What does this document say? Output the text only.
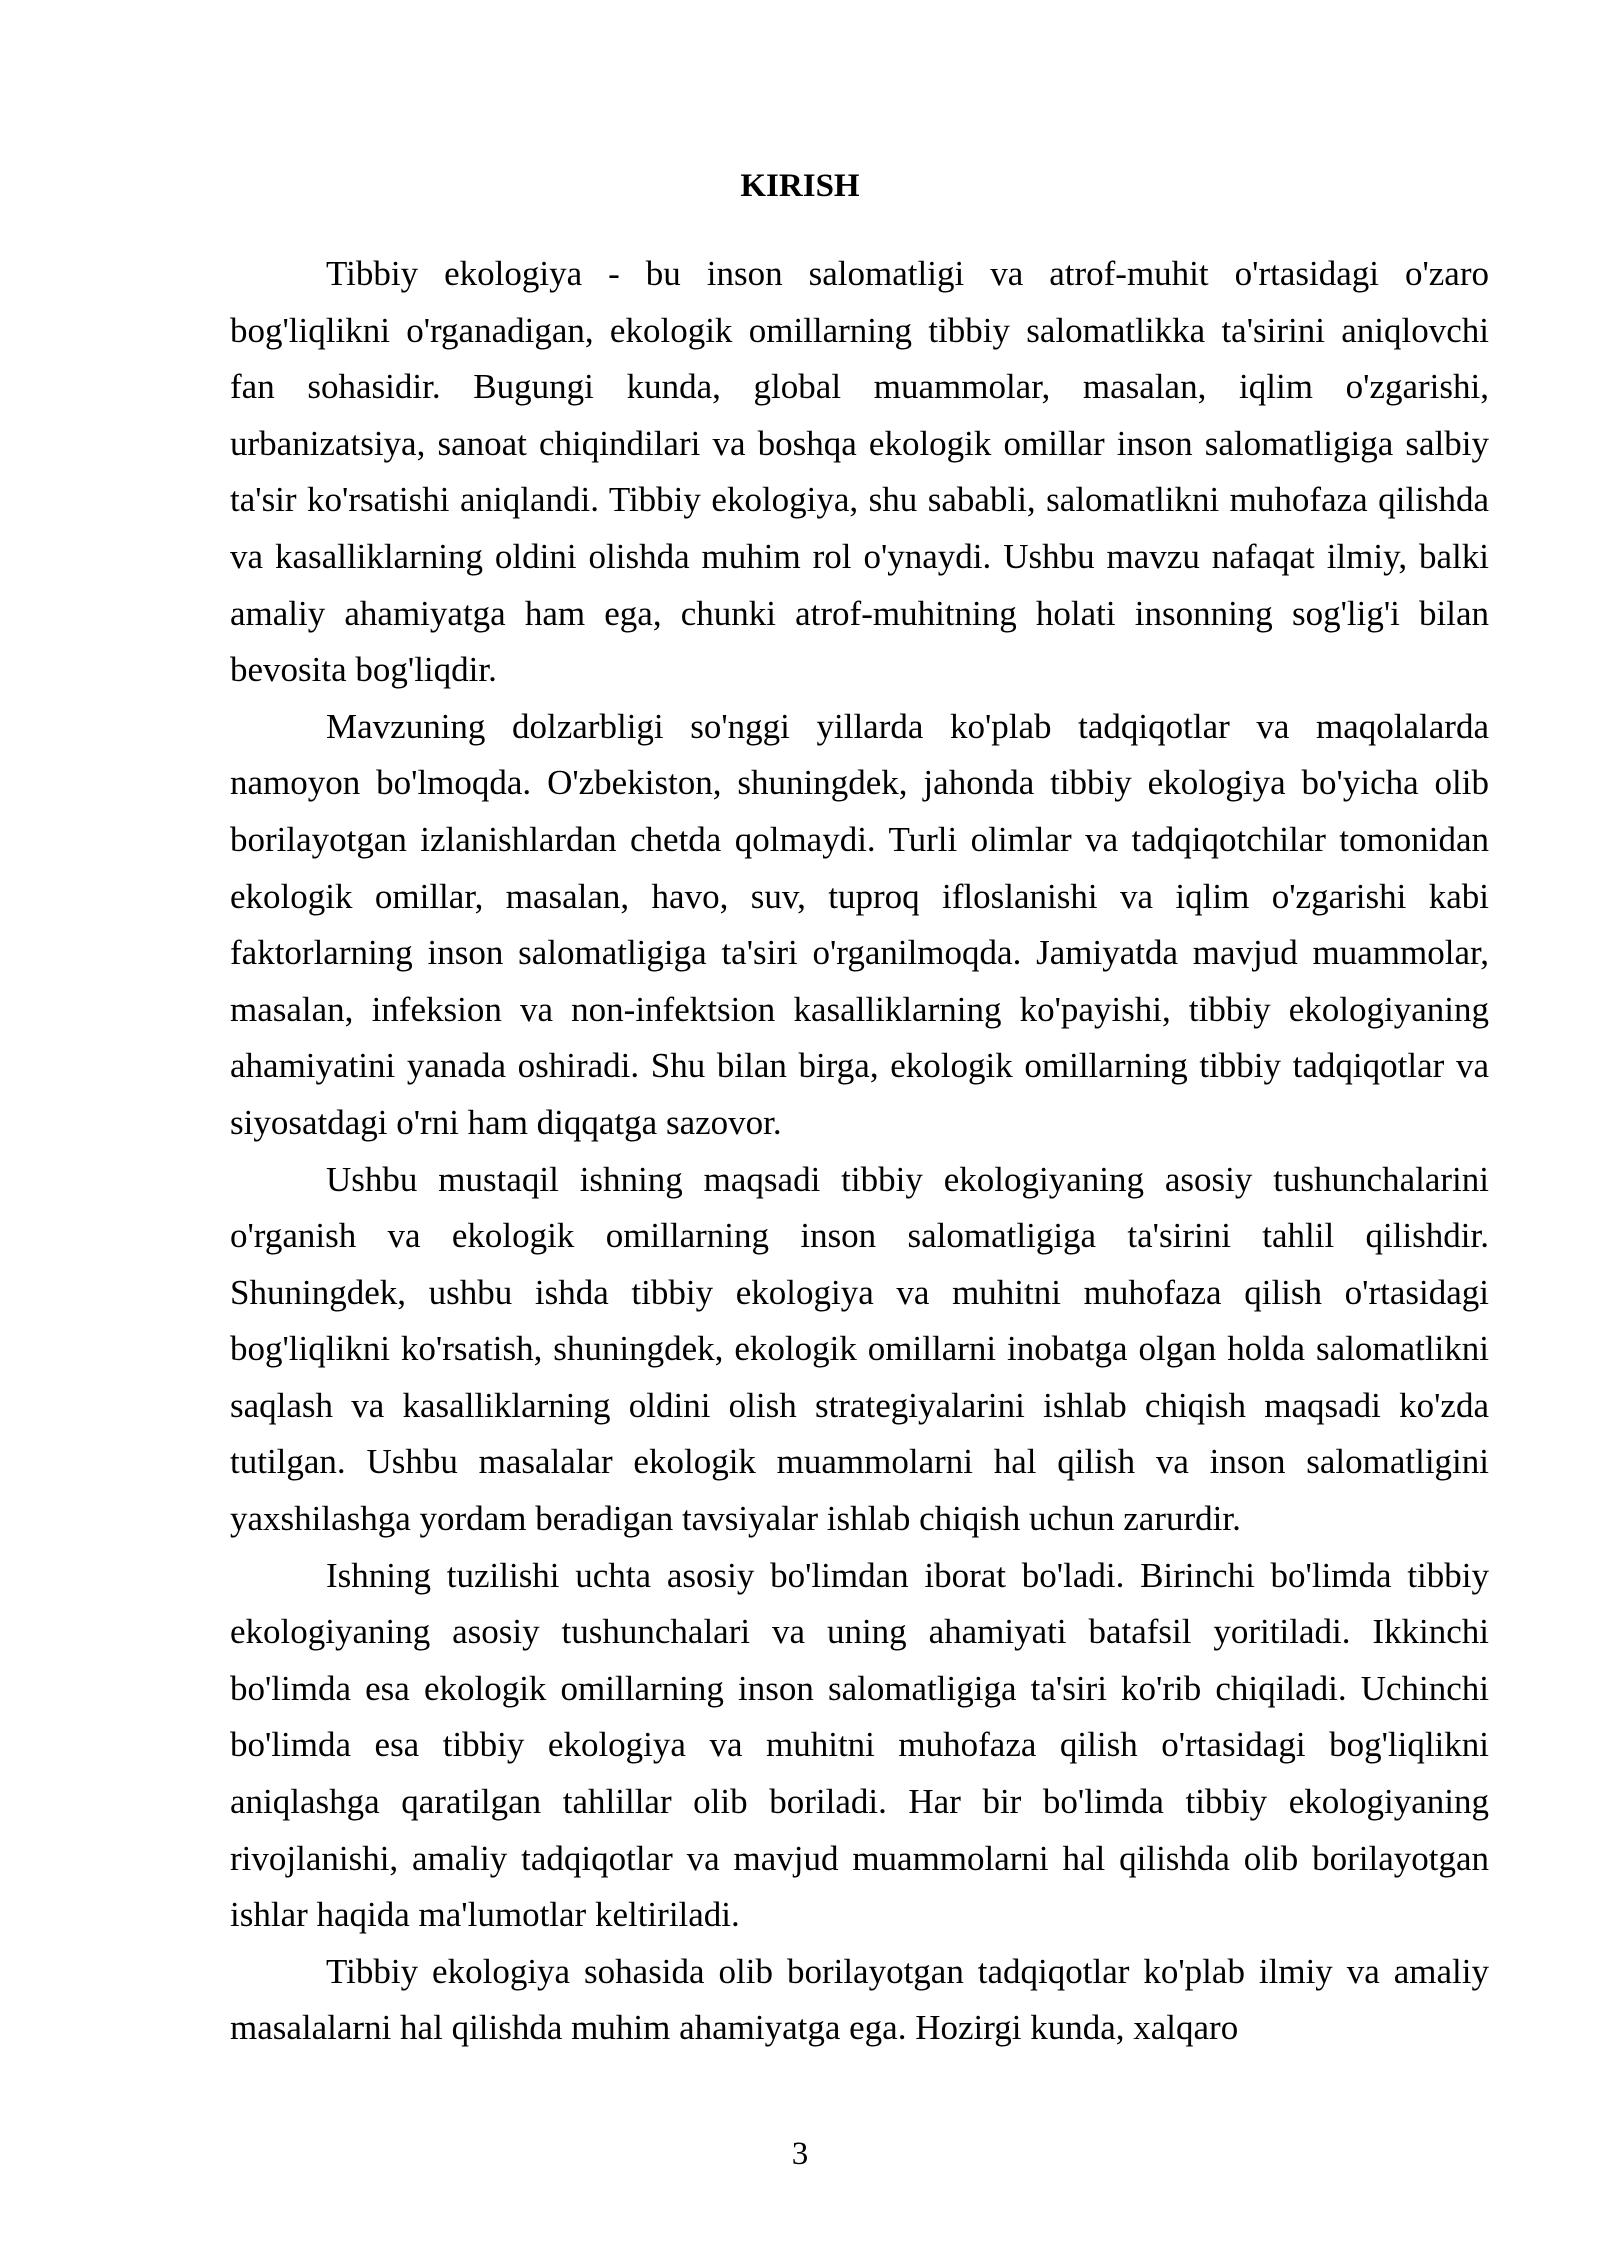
KIRISH

Tibbiy ekologiya - bu inson salomatligi va atrof-muhit o'rtasidagi o'zaro bog'liqlikni o'rganadigan, ekologik omillarning tibbiy salomatlikka ta'sirini aniqlovchi fan sohasidir. Bugungi kunda, global muammolar, masalan, iqlim o'zgarishi, urbanizatsiya, sanoat chiqindilari va boshqa ekologik omillar inson salomatligiga salbiy ta'sir ko'rsatishi aniqlandi. Tibbiy ekologiya, shu sababli, salomatlikni muhofaza qilishda va kasalliklarning oldini olishda muhim rol o'ynaydi. Ushbu mavzu nafaqat ilmiy, balki amaliy ahamiyatga ham ega, chunki atrof-muhitning holati insonning sog'lig'i bilan bevosita bog'liqdir.

Mavzuning dolzarbligi so'nggi yillarda ko'plab tadqiqotlar va maqolalarda namoyon bo'lmoqda. O'zbekiston, shuningdek, jahonda tibbiy ekologiya bo'yicha olib borilayotgan izlanishlardan chetda qolmaydi. Turli olimlar va tadqiqotchilar tomonidan ekologik omillar, masalan, havo, suv, tuproq ifloslanishi va iqlim o'zgarishi kabi faktorlarning inson salomatligiga ta'siri o'rganilmoqda. Jamiyatda mavjud muammolar, masalan, infeksion va non-infektsion kasalliklarning ko'payishi, tibbiy ekologiyaning ahamiyatini yanada oshiradi. Shu bilan birga, ekologik omillarning tibbiy tadqiqotlar va siyosatdagi o'rni ham diqqatga sazovor.

Ushbu mustaqil ishning maqsadi tibbiy ekologiyaning asosiy tushunchalarini o'rganish va ekologik omillarning inson salomatligiga ta'sirini tahlil qilishdir. Shuningdek, ushbu ishda tibbiy ekologiya va muhitni muhofaza qilish o'rtasidagi bog'liqlikni ko'rsatish, shuningdek, ekologik omillarni inobatga olgan holda salomatlikni saqlash va kasalliklarning oldini olish strategiyalarini ishlab chiqish maqsadi ko'zda tutilgan. Ushbu masalalar ekologik muammolarni hal qilish va inson salomatligini yaxshilashga yordam beradigan tavsiyalar ishlab chiqish uchun zarurdir.

Ishning tuzilishi uchta asosiy bo'limdan iborat bo'ladi. Birinchi bo'limda tibbiy ekologiyaning asosiy tushunchalari va uning ahamiyati batafsil yoritiladi. Ikkinchi bo'limda esa ekologik omillarning inson salomatligiga ta'siri ko'rib chiqiladi. Uchinchi bo'limda esa tibbiy ekologiya va muhitni muhofaza qilish o'rtasidagi bog'liqlikni aniqlashga qaratilgan tahlillar olib boriladi. Har bir bo'limda tibbiy ekologiyaning rivojlanishi, amaliy tadqiqotlar va mavjud muammolarni hal qilishda olib borilayotgan ishlar haqida ma'lumotlar keltiriladi.

Tibbiy ekologiya sohasida olib borilayotgan tadqiqotlar ko'plab ilmiy va amaliy masalalarni hal qilishda muhim ahamiyatga ega. Hozirgi kunda, xalqaro

3
